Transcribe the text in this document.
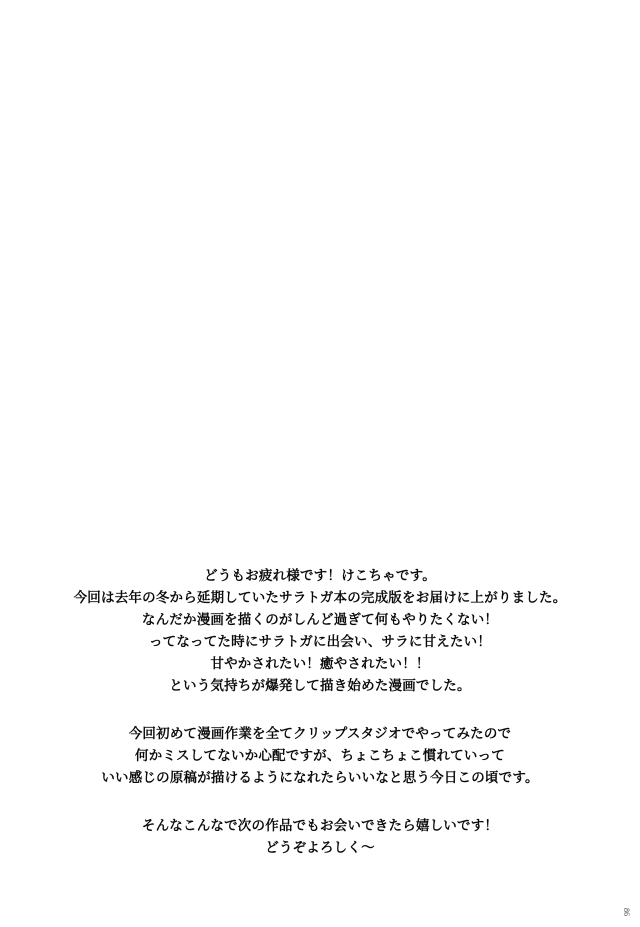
どうもお疲れ様です！けこちゃです。
今回は去年の冬から延期していたサラトガ本の完成版をお届けに上がりました。
なんだか漫画を描くのがしんど過ぎて何もやりたくない！
ってなってた時にサラトガに出会い、サラに甘えたい！
甘やかされたい！癒やされたい！！
という気持ちが爆発して描き始めた漫画でした。
今回初めて漫画作業を全てクリップスタジオでやってみたので
何かミスしてないか心配ですが、ちょこちょこ慣れていって
いい感じの原稿が描けるようになれたらいいなと思う今日この頃です。
そんなこんなで次の作品でもお会いできたら嬉しいです！
どうぞよろしく〜
86
